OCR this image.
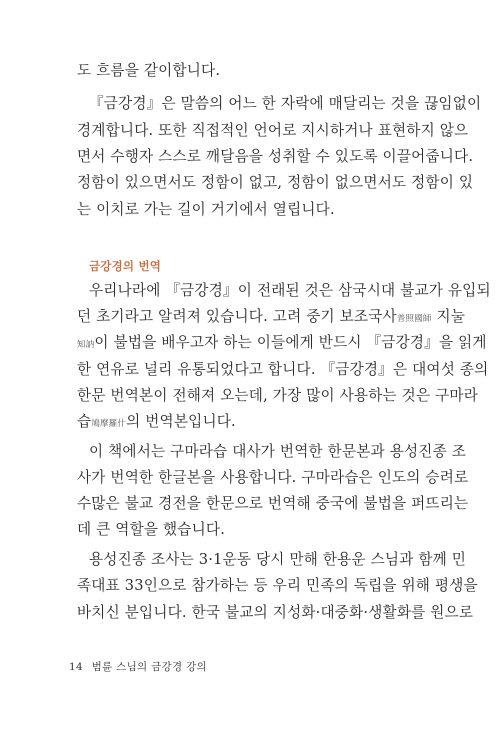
도 흐름을 같이합니다.
『금강경』은 말씀의 어느 한 자락에 매달리는 것을 끊임없이
경계합니다. 또한 직접적인 언어로 지시하거나 표현하지 않으
면서 수행자 스스로 깨달음을 성취할 수 있도록 이끌어줍니다.
정함이 있으면서도 정함이 없고, 정함이 없으면서도 정함이 있
는 이치로 가는 길이 거기에서 열립니다.
금강경의 번역
우리나라에 『금강경』이 전래된 것은 삼국시대 불교가 유입되
던 초기라고 알려져 있습니다. 고려 중기 보조국사普照國師 지눌
知訥이 불법을 배우고자 하는 이들에게 반드시 『금강경』을 읽게
한 연유로 널리 유통되었다고 합니다. 『금강경』은 대여섯 종의
한문 번역본이 전해져 오는데, 가장 많이 사용하는 것은 구마라
습鳩摩羅什의 번역본입니다.
이 책에서는 구마라습 대사가 번역한 한문본과 용성진종 조
사가 번역한 한글본을 사용합니다. 구마라습은 인도의 승려로
수많은 불교 경전을 한문으로 번역해 중국에 불법을 퍼뜨리는
데 큰 역할을 했습니다.
용성진종 조사는 3·1운동 당시 만해 한용운 스님과 함께 민
족대표 33인으로 참가하는 등 우리 민족의 독립을 위해 평생을
바치신 분입니다. 한국 불교의 지성화·대중화·생활화를 원으로
14 범륜 스님의 금강경 강의
